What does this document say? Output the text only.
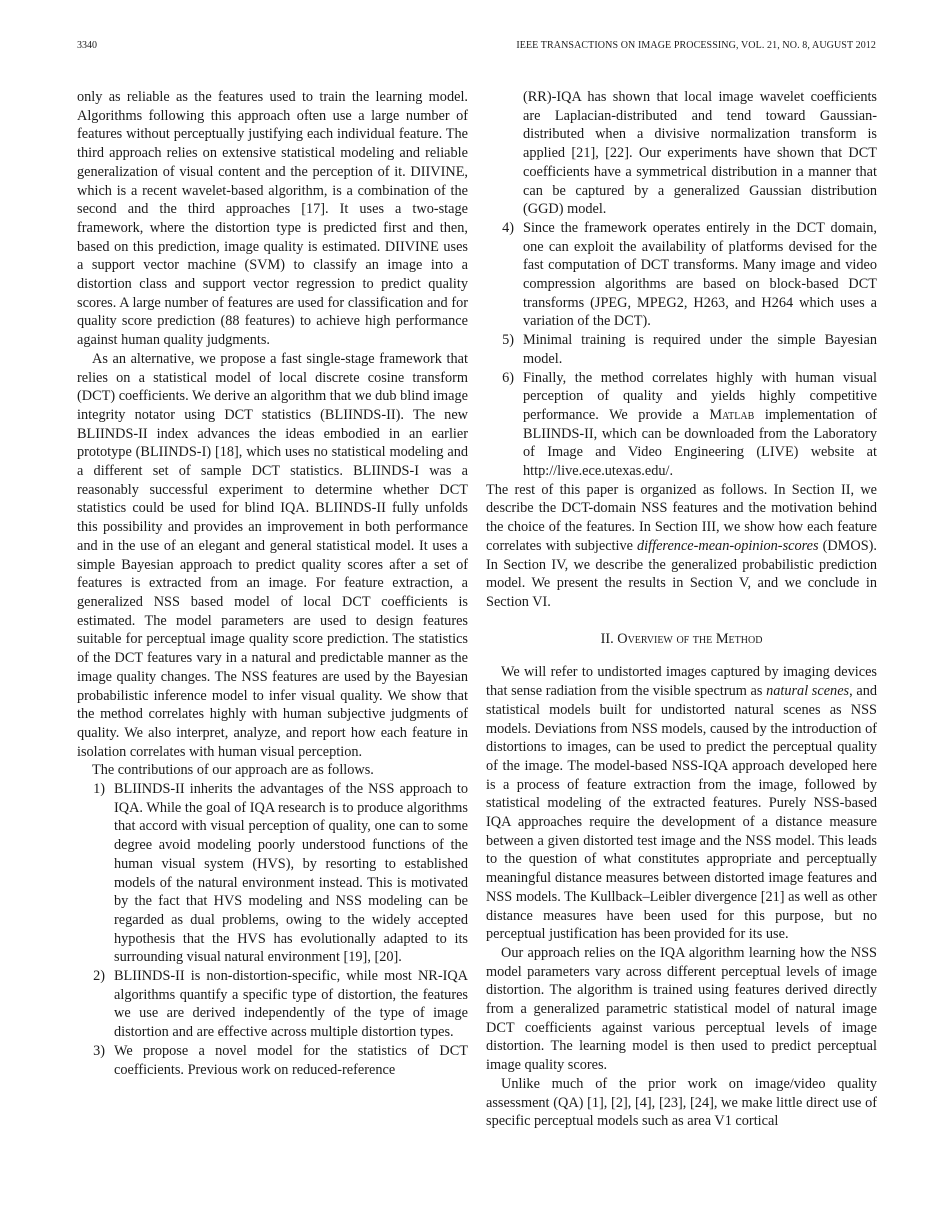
3340	IEEE TRANSACTIONS ON IMAGE PROCESSING, VOL. 21, NO. 8, AUGUST 2012

only as reliable as the features used to train the learning model. Algorithms following this approach often use a large number of features without perceptually justifying each individual feature. The third approach relies on extensive statistical modeling and reliable generalization of visual content and the perception of it. DIIVINE, which is a recent wavelet-based algorithm, is a combination of the second and the third approaches [17]. It uses a two-stage framework, where the distortion type is predicted first and then, based on this prediction, image quality is estimated. DIIVINE uses a support vector machine (SVM) to classify an image into a distortion class and support vector regression to predict quality scores. A large number of features are used for classification and for quality score prediction (88 features) to achieve high performance against human quality judgments.

As an alternative, we propose a fast single-stage framework that relies on a statistical model of local discrete cosine transform (DCT) coefficients. We derive an algorithm that we dub blind image integrity notator using DCT statistics (BLIINDS-II). The new BLIINDS-II index advances the ideas embodied in an earlier prototype (BLIINDS-I) [18], which uses no statistical modeling and a different set of sample DCT statistics. BLIINDS-I was a reasonably successful experiment to determine whether DCT statistics could be used for blind IQA. BLIINDS-II fully unfolds this possibility and provides an improvement in both performance and in the use of an elegant and general statistical model. It uses a simple Bayesian approach to predict quality scores after a set of features is extracted from an image. For feature extraction, a generalized NSS based model of local DCT coefficients is estimated. The model parameters are used to design features suitable for perceptual image quality score prediction. The statistics of the DCT features vary in a natural and predictable manner as the image quality changes. The NSS features are used by the Bayesian probabilistic inference model to infer visual quality. We show that the method correlates highly with human subjective judgments of quality. We also interpret, analyze, and report how each feature in isolation correlates with human visual perception.

The contributions of our approach are as follows.

1) BLIINDS-II inherits the advantages of the NSS approach to IQA. While the goal of IQA research is to produce algorithms that accord with visual perception of quality, one can to some degree avoid modeling poorly understood functions of the human visual system (HVS), by resorting to established models of the natural environment instead. This is motivated by the fact that HVS modeling and NSS modeling can be regarded as dual problems, owing to the widely accepted hypothesis that the HVS has evolutionally adapted to its surrounding visual natural environment [19], [20].
2) BLIINDS-II is non-distortion-specific, while most NR-IQA algorithms quantify a specific type of distortion, the features we use are derived independently of the type of image distortion and are effective across multiple distortion types.
3) We propose a novel model for the statistics of DCT coefficients. Previous work on reduced-reference

(RR)-IQA has shown that local image wavelet coefficients are Laplacian-distributed and tend toward Gaussian-distributed when a divisive normalization transform is applied [21], [22]. Our experiments have shown that DCT coefficients have a symmetrical distribution in a manner that can be captured by a generalized Gaussian distribution (GGD) model.

4) Since the framework operates entirely in the DCT domain, one can exploit the availability of platforms devised for the fast computation of DCT transforms. Many image and video compression algorithms are based on block-based DCT transforms (JPEG, MPEG2, H263, and H264 which uses a variation of the DCT).
5) Minimal training is required under the simple Bayesian model.
6) Finally, the method correlates highly with human visual perception of quality and yields highly competitive performance. We provide a Matlab implementation of BLIINDS-II, which can be downloaded from the Laboratory of Image and Video Engineering (LIVE) website at http://live.ece.utexas.edu/.

The rest of this paper is organized as follows. In Section II, we describe the DCT-domain NSS features and the motivation behind the choice of the features. In Section III, we show how each feature correlates with subjective difference-mean-opinion-scores (DMOS). In Section IV, we describe the generalized probabilistic prediction model. We present the results in Section V, and we conclude in Section VI.

II. Overview of the Method

We will refer to undistorted images captured by imaging devices that sense radiation from the visible spectrum as natural scenes, and statistical models built for undistorted natural scenes as NSS models. Deviations from NSS models, caused by the introduction of distortions to images, can be used to predict the perceptual quality of the image. The model-based NSS-IQA approach developed here is a process of feature extraction from the image, followed by statistical modeling of the extracted features. Purely NSS-based IQA approaches require the development of a distance measure between a given distorted test image and the NSS model. This leads to the question of what constitutes appropriate and perceptually meaningful distance measures between distorted image features and NSS models. The Kullback–Leibler divergence [21] as well as other distance measures have been used for this purpose, but no perceptual justification has been provided for its use.

Our approach relies on the IQA algorithm learning how the NSS model parameters vary across different perceptual levels of image distortion. The algorithm is trained using features derived directly from a generalized parametric statistical model of natural image DCT coefficients against various perceptual levels of image distortion. The learning model is then used to predict perceptual image quality scores.

Unlike much of the prior work on image/video quality assessment (QA) [1], [2], [4], [23], [24], we make little direct use of specific perceptual models such as area V1 cortical
